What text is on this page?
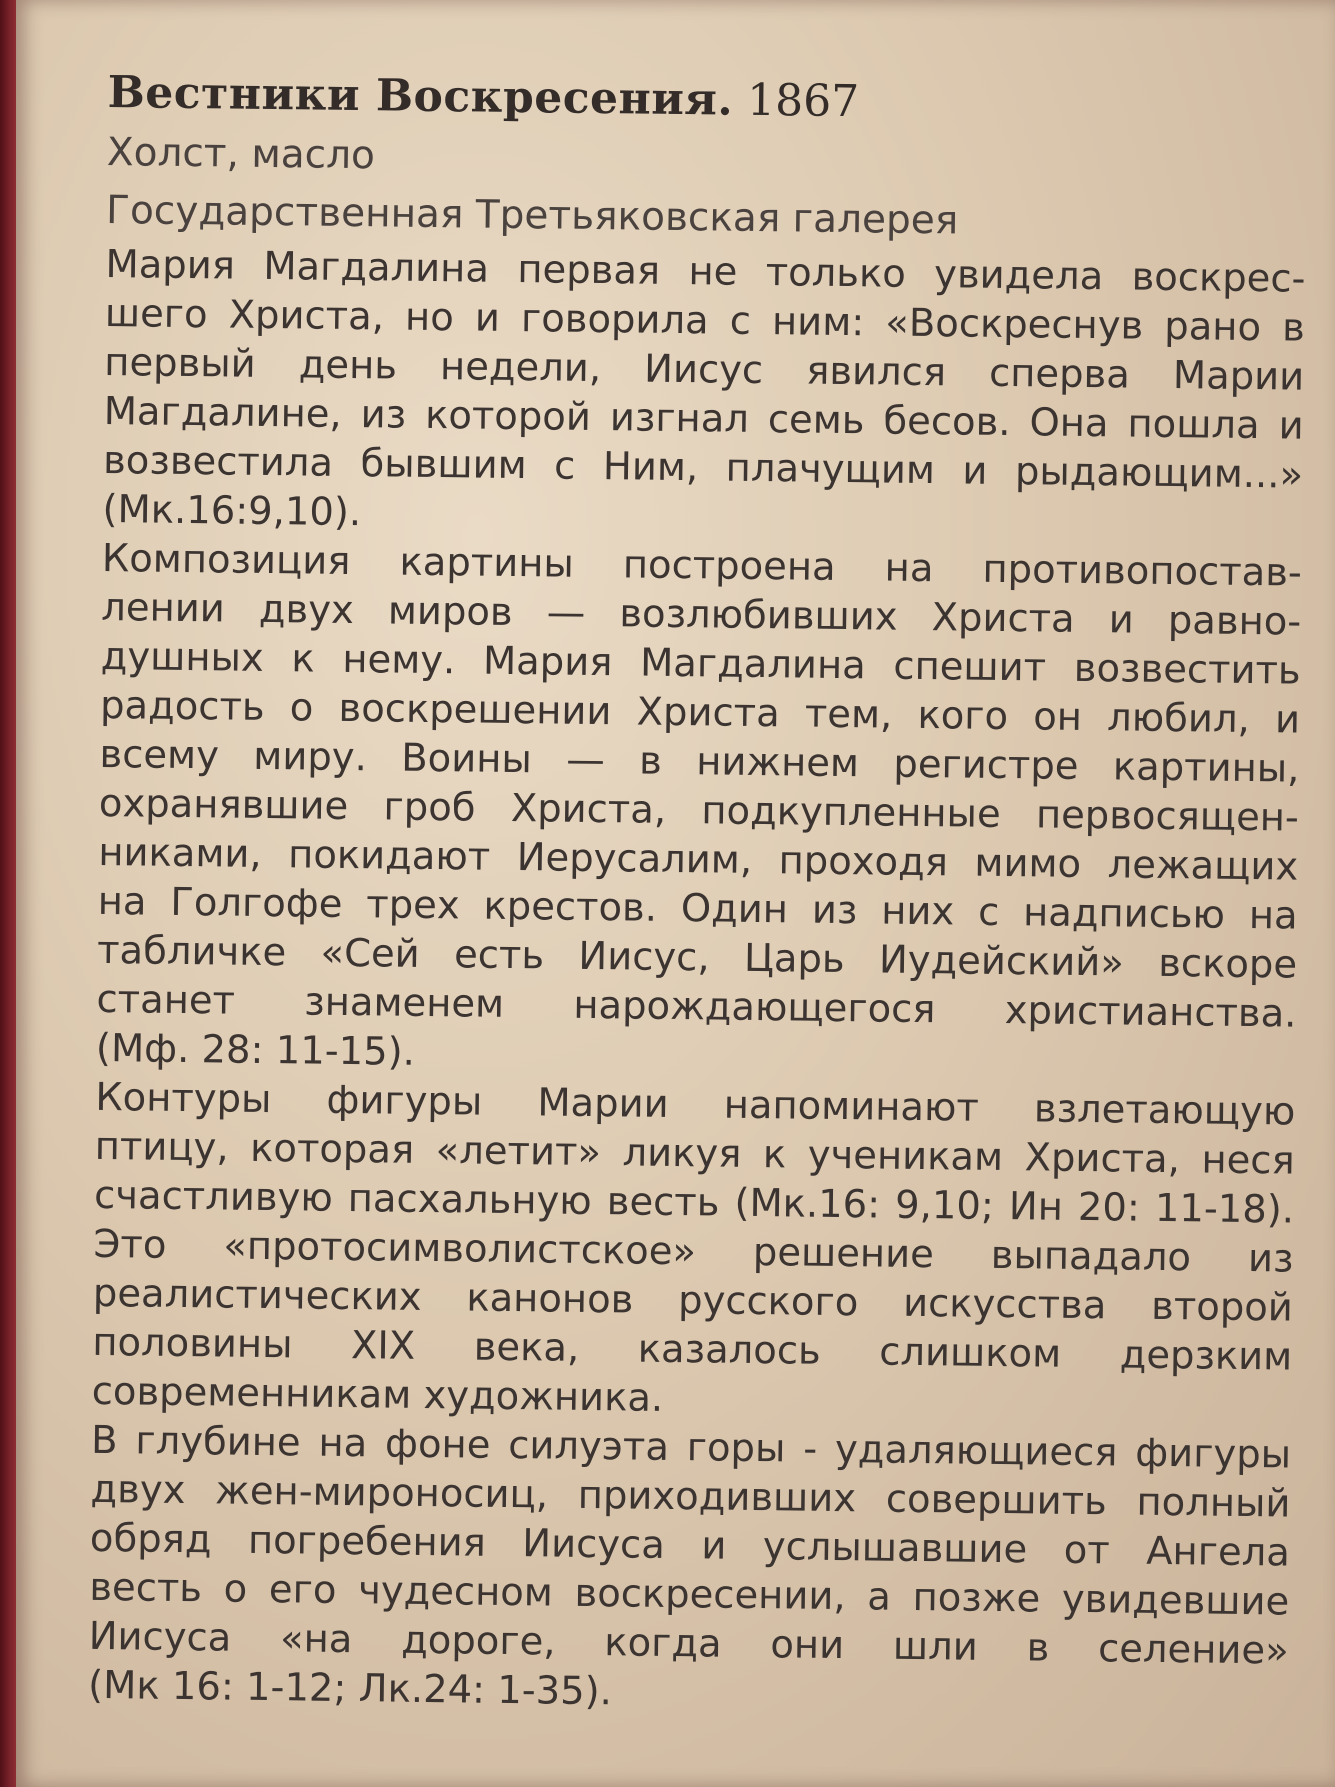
Вестники Воскресения. 1867

Холст, масло

Государственная Третьяковская галерея

Мария Магдалина первая не только увидела воскрес-
шего Христа, но и говорила с ним: «Воскреснув рано в
первый день недели, Иисус явился сперва Марии
Магдалине, из которой изгнал семь бесов. Она пошла и
возвестила бывшим с Ним, плачущим и рыдающим...»
(Мк.16:9,10).
Композиция картины построена на противопостав-
лении двух миров — возлюбивших Христа и равно-
душных к нему. Мария Магдалина спешит возвестить
радость о воскрешении Христа тем, кого он любил, и
всему миру. Воины — в нижнем регистре картины,
охранявшие гроб Христа, подкупленные первосящен-
никами, покидают Иерусалим, проходя мимо лежащих
на Голгофе трех крестов. Один из них с надписью на
табличке «Сей есть Иисус, Царь Иудейский» вскоре
станет знаменем нарождающегося христианства.
(Мф. 28: 11-15).
Контуры фигуры Марии напоминают взлетающую
птицу, которая «летит» ликуя к ученикам Христа, неся
счастливую пасхальную весть (Мк.16: 9,10; Ин 20: 11-18).
Это «протосимволистское» решение выпадало из
реалистических канонов русского искусства второй
половины XIX века, казалось слишком дерзким
современникам художника.
В глубине на фоне силуэта горы - удаляющиеся фигуры
двух жен-мироносиц, приходивших совершить полный
обряд погребения Иисуса и услышавшие от Ангела
весть о его чудесном воскресении, а позже увидевшие
Иисуса «на дороге, когда они шли в селение»
(Мк 16: 1-12; Лк.24: 1-35).
